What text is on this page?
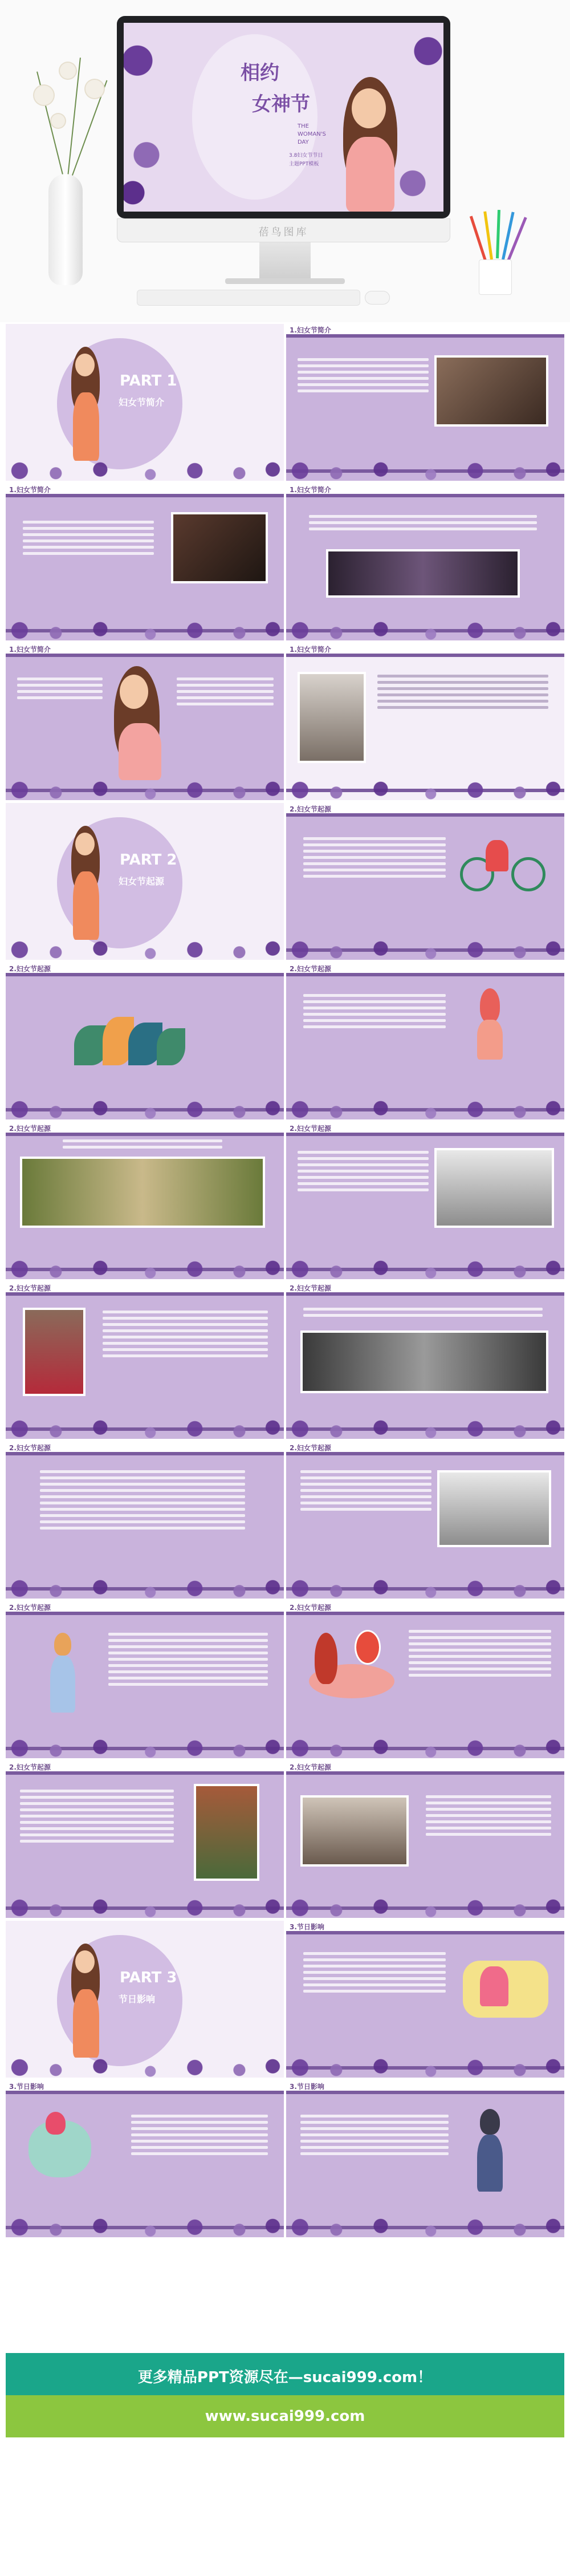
相约
女神节
THE WOMAN'S DAY
3.8妇女节节日
主题PPT模板
蓓鸟图库
PART 1
妇女节简介
1.妇女节简介
1.妇女节简介	1.妇女节简介
1.妇女节简介	1.妇女节简介
PART 2
妇女节起源
2.妇女节起源
2.妇女节起源	2.妇女节起源
2.妇女节起源	2.妇女节起源
2.妇女节起源	2.妇女节起源
2.妇女节起源	2.妇女节起源
2.妇女节起源	2.妇女节起源
2.妇女节起源	2.妇女节起源
PART 3
节日影响
3.节日影响
3.节日影响	3.节日影响
更多精品PPT资源尽在—sucai999.com！
www.sucai999.com
